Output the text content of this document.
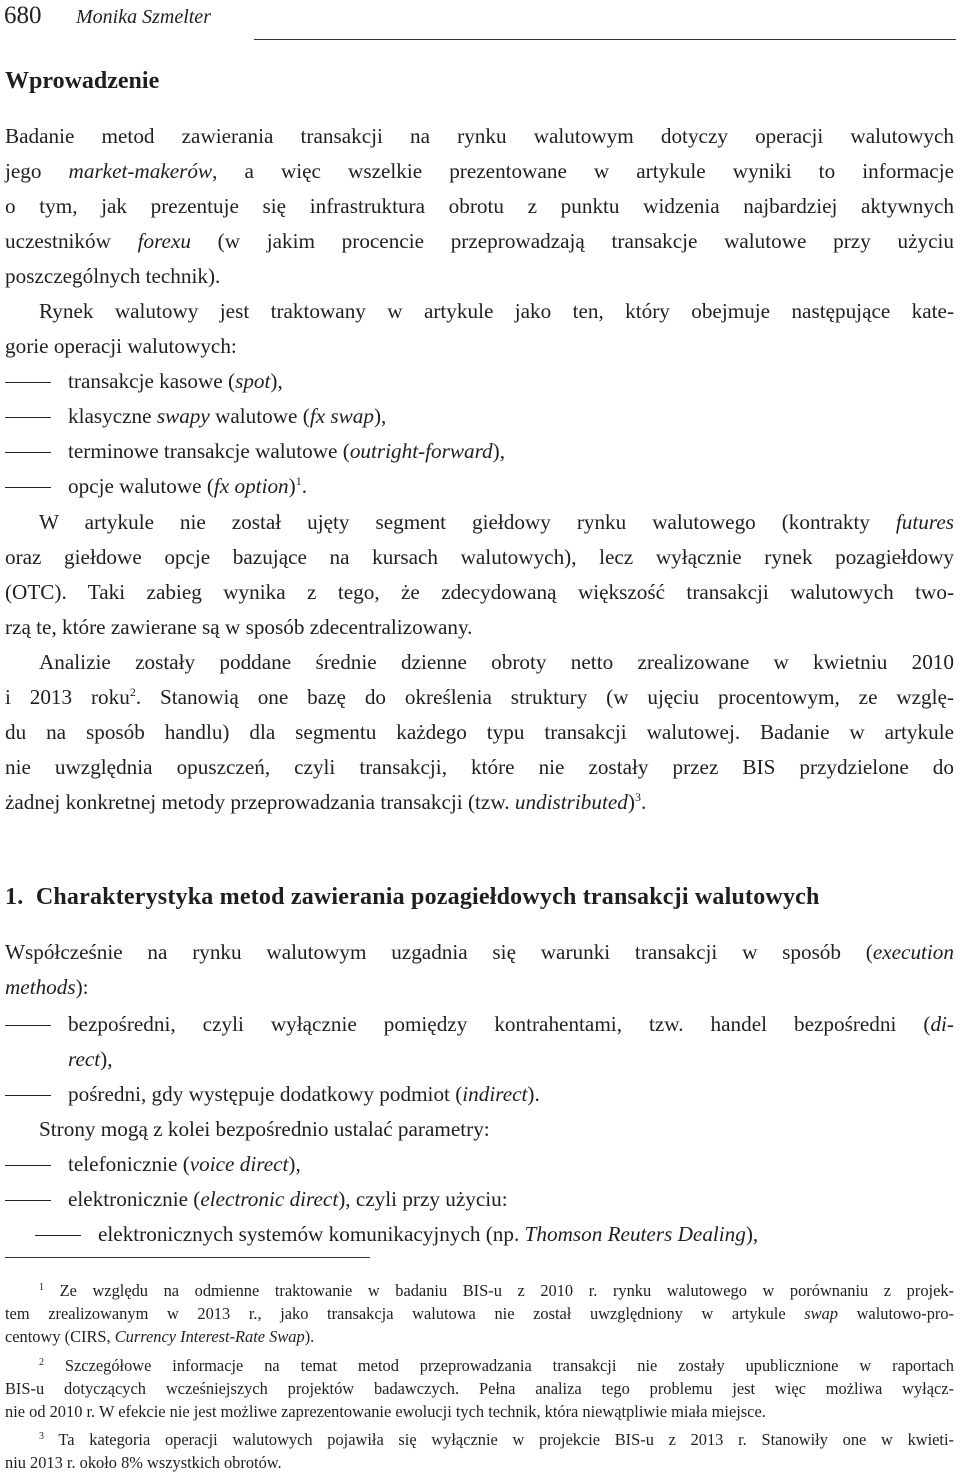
680 Monika Szmelter
Wprowadzenie
Badanie metod zawierania transakcji na rynku walutowym dotyczy operacji walutowych
jego market-makerów, a więc wszelkie prezentowane w artykule wyniki to informacje
o tym, jak prezentuje się infrastruktura obrotu z punktu widzenia najbardziej aktywnych
uczestników forexu (w jakim procencie przeprowadzają transakcje walutowe przy użyciu
poszczególnych technik).
Rynek walutowy jest traktowany w artykule jako ten, który obejmuje następujące kate-
gorie operacji walutowych:
transakcje kasowe (spot),
klasyczne swapy walutowe (fx swap),
terminowe transakcje walutowe (outright-forward),
opcje walutowe (fx option)$^1$.
W artykule nie został ujęty segment giełdowy rynku walutowego (kontrakty futures
oraz giełdowe opcje bazujące na kursach walutowych), lecz wyłącznie rynek pozagiełdowy
(OTC). Taki zabieg wynika z tego, że zdecydowaną większość transakcji walutowych two-
rzą te, które zawierane są w sposób zdecentralizowany.
Analizie zostały poddane średnie dzienne obroty netto zrealizowane w kwietniu 2010
i 2013 roku$^2$. Stanowią one bazę do określenia struktury (w ujęciu procentowym, ze wzglę-
du na sposób handlu) dla segmentu każdego typu transakcji walutowej. Badanie w artykule
nie uwzględnia opuszczeń, czyli transakcji, które nie zostały przez BIS przydzielone do
żadnej konkretnej metody przeprowadzania transakcji (tzw. undistributed)$^3$.
1. Charakterystyka metod zawierania pozagiełdowych transakcji walutowych
Współcześnie na rynku walutowym uzgadnia się warunki transakcji w sposób (execution
methods):
bezpośredni, czyli wyłącznie pomiędzy kontrahentami, tzw. handel bezpośredni (di-
rect),
pośredni, gdy występuje dodatkowy podmiot (indirect).
Strony mogą z kolei bezpośrednio ustalać parametry:
telefonicznie (voice direct),
elektronicznie (electronic direct), czyli przy użyciu:
elektronicznych systemów komunikacyjnych (np. Thomson Reuters Dealing),
$^1$ Ze względu na odmienne traktowanie w badaniu BIS-u z 2010 r. rynku walutowego w porównaniu z projek-
tem zrealizowanym w 2013 r., jako transakcja walutowa nie został uwzględniony w artykule swap walutowo-pro-
centowy (CIRS, Currency Interest-Rate Swap).
$^2$ Szczegółowe informacje na temat metod przeprowadzania transakcji nie zostały upublicznione w raportach
BIS-u dotyczących wcześniejszych projektów badawczych. Pełna analiza tego problemu jest więc możliwa wyłącz-
nie od 2010 r. W efekcie nie jest możliwe zaprezentowanie ewolucji tych technik, która niewątpliwie miała miejsce.
$^3$ Ta kategoria operacji walutowych pojawiła się wyłącznie w projekcie BIS-u z 2013 r. Stanowiły one w kwieti-
niu 2013 r. około 8% wszystkich obrotów.
